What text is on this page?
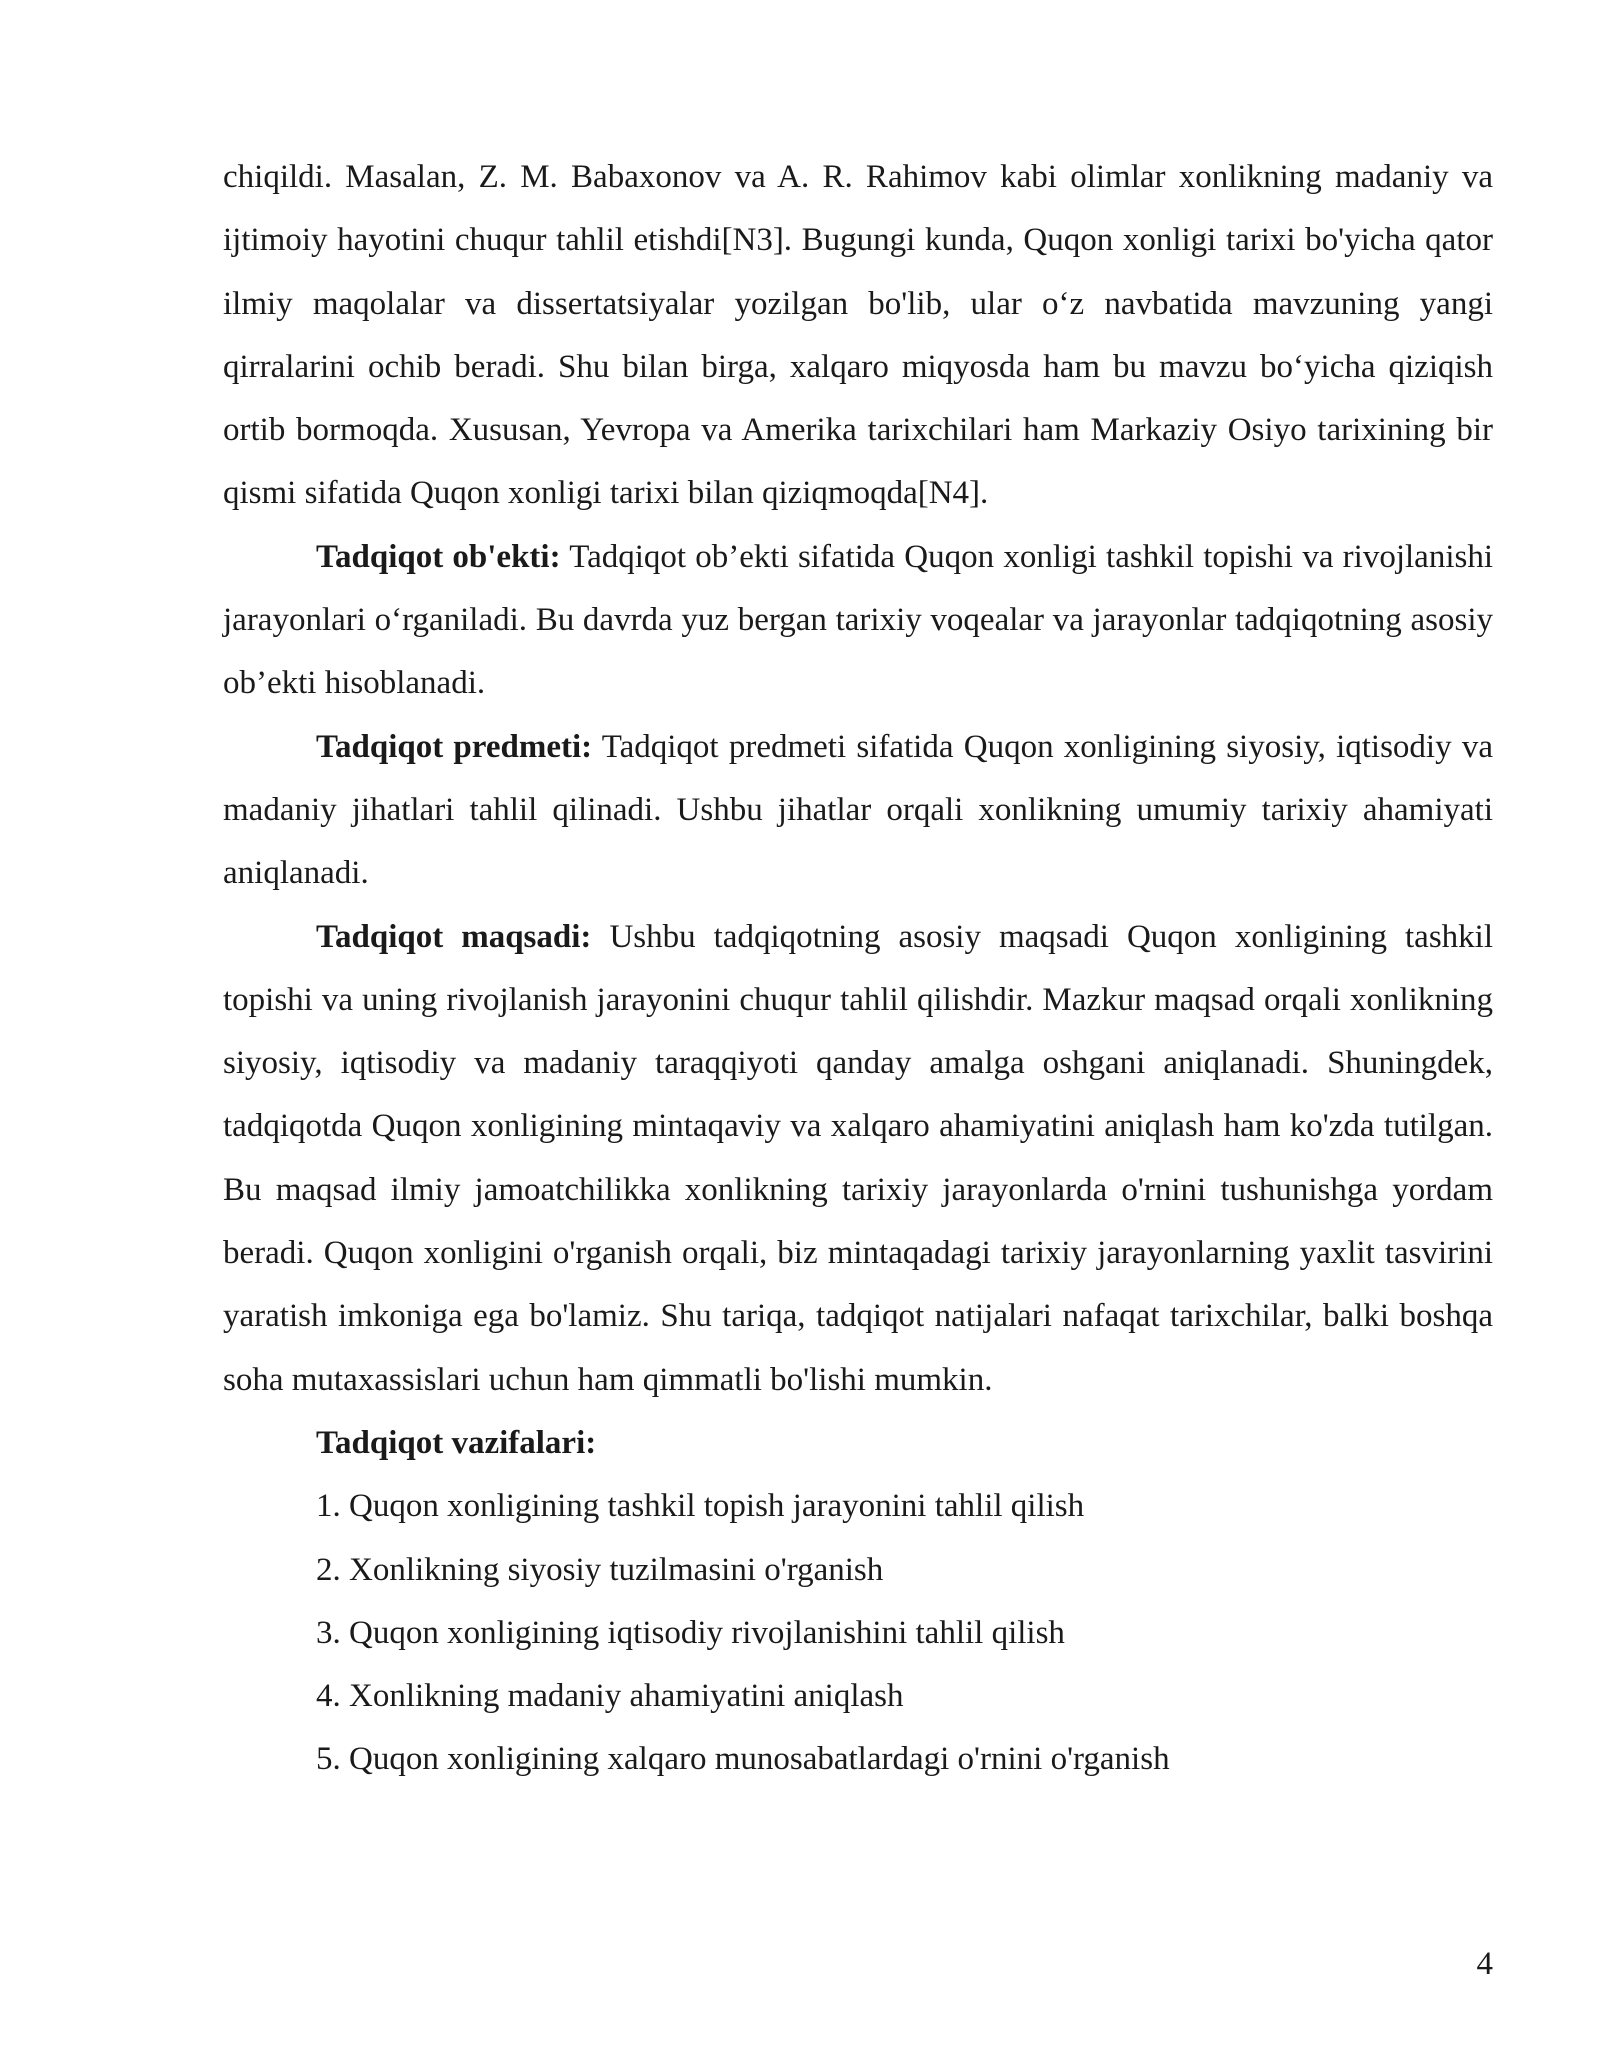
chiqildi. Masalan, Z. M. Babaxonov va A. R. Rahimov kabi olimlar xonlikning madaniy va ijtimoiy hayotini chuqur tahlil etishdi[N3]. Bugungi kunda, Quqon xonligi tarixi bo'yicha qator ilmiy maqolalar va dissertatsiyalar yozilgan bo'lib, ular o‘z navbatida mavzuning yangi qirralarini ochib beradi. Shu bilan birga, xalqaro miqyosda ham bu mavzu bo‘yicha qiziqish ortib bormoqda. Xususan, Yevropa va Amerika tarixchilari ham Markaziy Osiyo tarixining bir qismi sifatida Quqon xonligi tarixi bilan qiziqmoqda[N4].

Tadqiqot ob'ekti: Tadqiqot ob’ekti sifatida Quqon xonligi tashkil topishi va rivojlanishi jarayonlari o‘rganiladi. Bu davrda yuz bergan tarixiy voqealar va jarayonlar tadqiqotning asosiy ob’ekti hisoblanadi.

Tadqiqot predmeti: Tadqiqot predmeti sifatida Quqon xonligining siyosiy, iqtisodiy va madaniy jihatlari tahlil qilinadi. Ushbu jihatlar orqali xonlikning umumiy tarixiy ahamiyati aniqlanadi.

Tadqiqot maqsadi: Ushbu tadqiqotning asosiy maqsadi Quqon xonligining tashkil topishi va uning rivojlanish jarayonini chuqur tahlil qilishdir. Mazkur maqsad orqali xonlikning siyosiy, iqtisodiy va madaniy taraqqiyoti qanday amalga oshgani aniqlanadi. Shuningdek, tadqiqotda Quqon xonligining mintaqaviy va xalqaro ahamiyatini aniqlash ham ko'zda tutilgan. Bu maqsad ilmiy jamoatchilikka xonlikning tarixiy jarayonlarda o'rnini tushunishga yordam beradi. Quqon xonligini o'rganish orqali, biz mintaqadagi tarixiy jarayonlarning yaxlit tasvirini yaratish imkoniga ega bo'lamiz. Shu tariqa, tadqiqot natijalari nafaqat tarixchilar, balki boshqa soha mutaxassislari uchun ham qimmatli bo'lishi mumkin.

Tadqiqot vazifalari:

1. Quqon xonligining tashkil topish jarayonini tahlil qilish
2. Xonlikning siyosiy tuzilmasini o'rganish
3. Quqon xonligining iqtisodiy rivojlanishini tahlil qilish
4. Xonlikning madaniy ahamiyatini aniqlash
5. Quqon xonligining xalqaro munosabatlardagi o'rnini o'rganish
4
